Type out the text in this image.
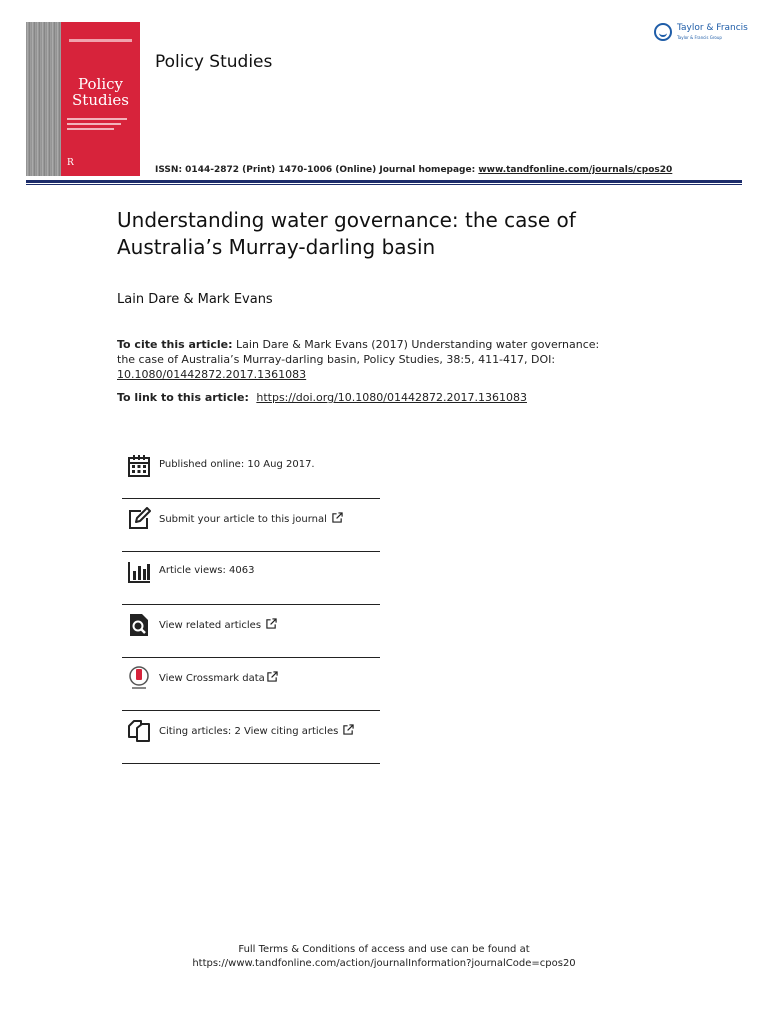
Policy
Studies
R
Policy Studies
Taylor & Francis
Taylor & Francis Group
ISSN: 0144-2872 (Print) 1470-1006 (Online) Journal homepage: www.tandfonline.com/journals/cpos20
Understanding water governance: the case of Australia’s Murray-darling basin
Lain Dare & Mark Evans
To cite this article: Lain Dare & Mark Evans (2017) Understanding water governance: the case of Australia’s Murray-darling basin, Policy Studies, 38:5, 411-417, DOI:
10.1080/01442872.2017.1361083
To link to this article: https://doi.org/10.1080/01442872.2017.1361083
Published online: 10 Aug 2017.
Submit your article to this journal
Article views: 4063
View related articles
View Crossmark data
Citing articles: 2 View citing articles
Full Terms & Conditions of access and use can be found at
https://www.tandfonline.com/action/journalInformation?journalCode=cpos20
